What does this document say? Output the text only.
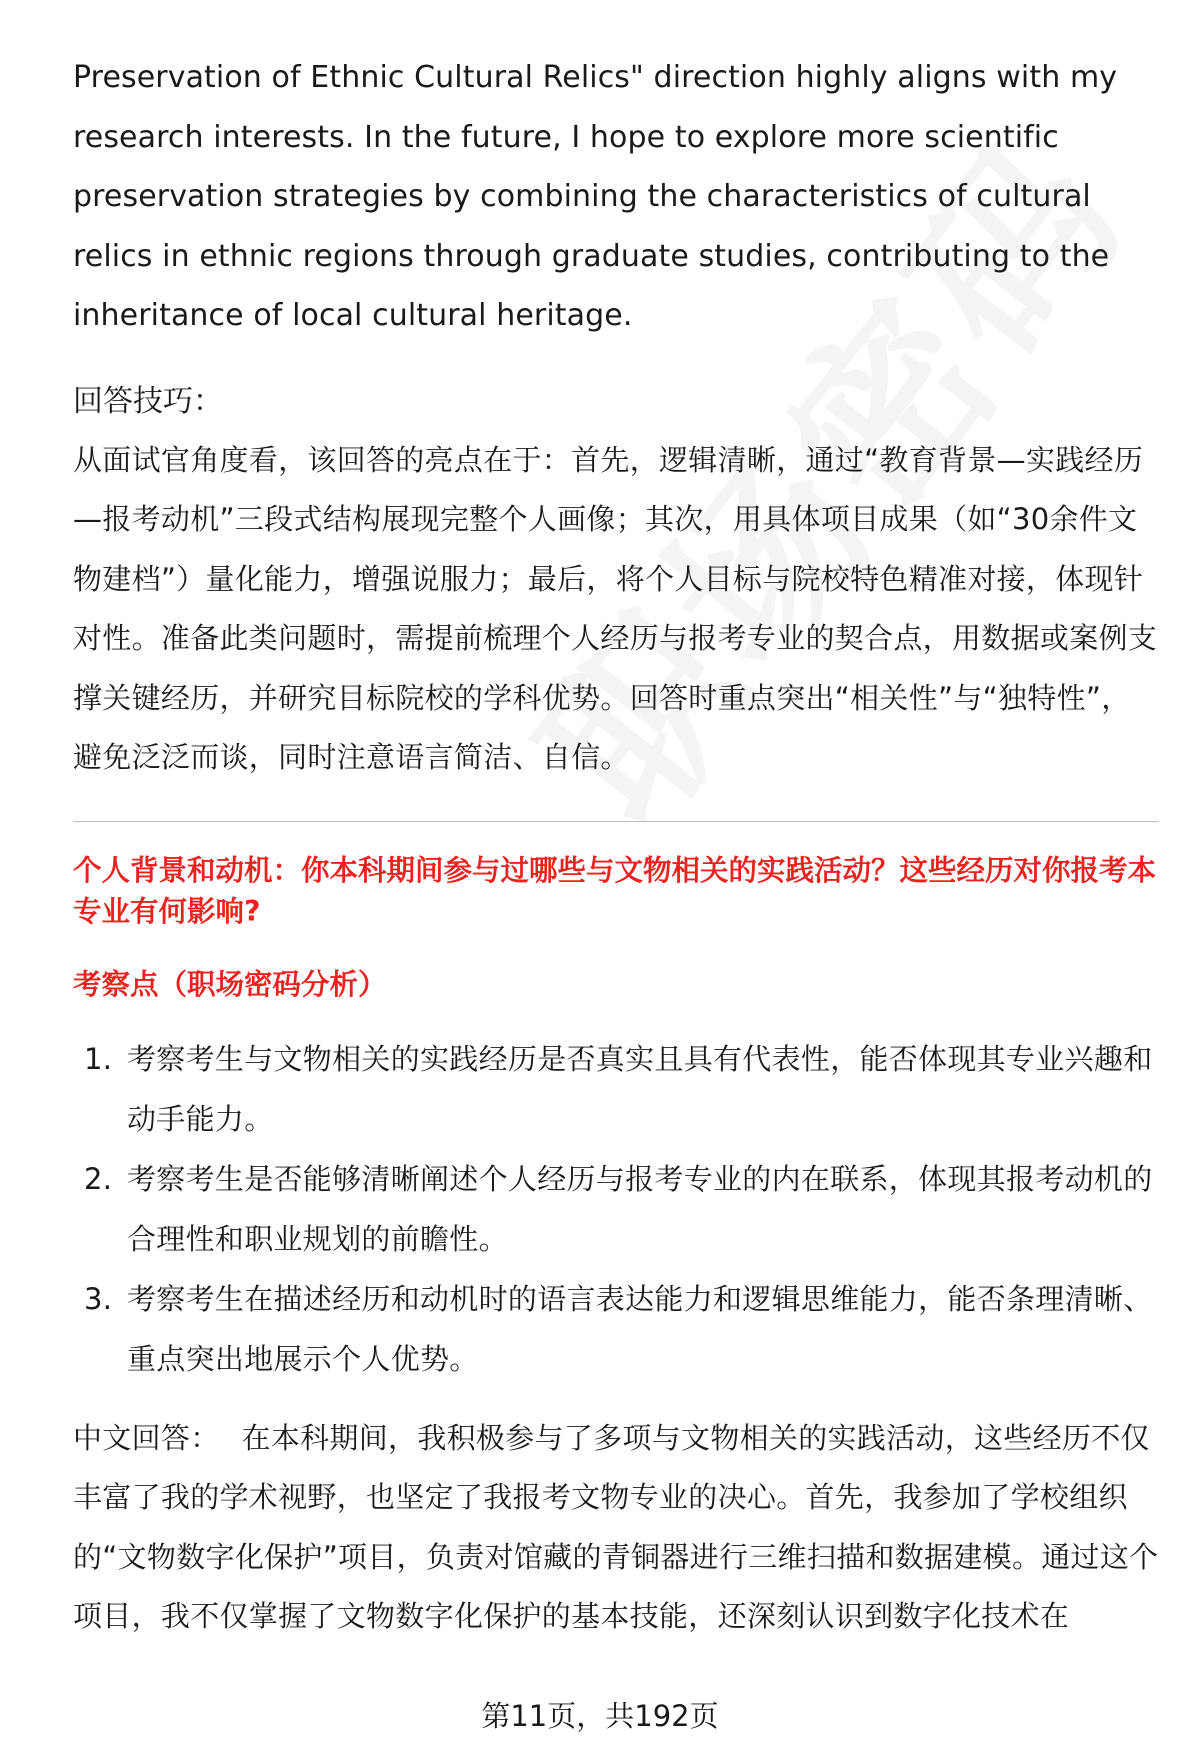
Preservation of Ethnic Cultural Relics" direction highly aligns with my research interests. In the future, I hope to explore more scientific preservation strategies by combining the characteristics of cultural relics in ethnic regions through graduate studies, contributing to the inheritance of local cultural heritage.

回答技巧：

从面试官角度看，该回答的亮点在于：首先，逻辑清晰，通过“教育背景—实践经历—报考动机”三段式结构展现完整个人画像；其次，用具体项目成果（如“30余件文物建档”）量化能力，增强说服力；最后，将个人目标与院校特色精准对接，体现针对性。准备此类问题时，需提前梳理个人经历与报考专业的契合点，用数据或案例支撑关键经历，并研究目标院校的学科优势。回答时重点突出“相关性”与“独特性”，避免泛泛而谈，同时注意语言简洁、自信。

个人背景和动机：你本科期间参与过哪些与文物相关的实践活动？这些经历对你报考本专业有何影响?
考察点（职场密码分析）
1. 考察考生与文物相关的实践经历是否真实且具有代表性，能否体现其专业兴趣和动手能力。
2. 考察考生是否能够清晰阐述个人经历与报考专业的内在联系，体现其报考动机的合理性和职业规划的前瞻性。
3. 考察考生在描述经历和动机时的语言表达能力和逻辑思维能力，能否条理清晰、重点突出地展示个人优势。

中文回答： 在本科期间，我积极参与了多项与文物相关的实践活动，这些经历不仅丰富了我的学术视野，也坚定了我报考文物专业的决心。首先，我参加了学校组织的“文物数字化保护”项目，负责对馆藏的青铜器进行三维扫描和数据建模。通过这个项目，我不仅掌握了文物数字化保护的基本技能，还深刻认识到数字化技术在

第11页，共192页
